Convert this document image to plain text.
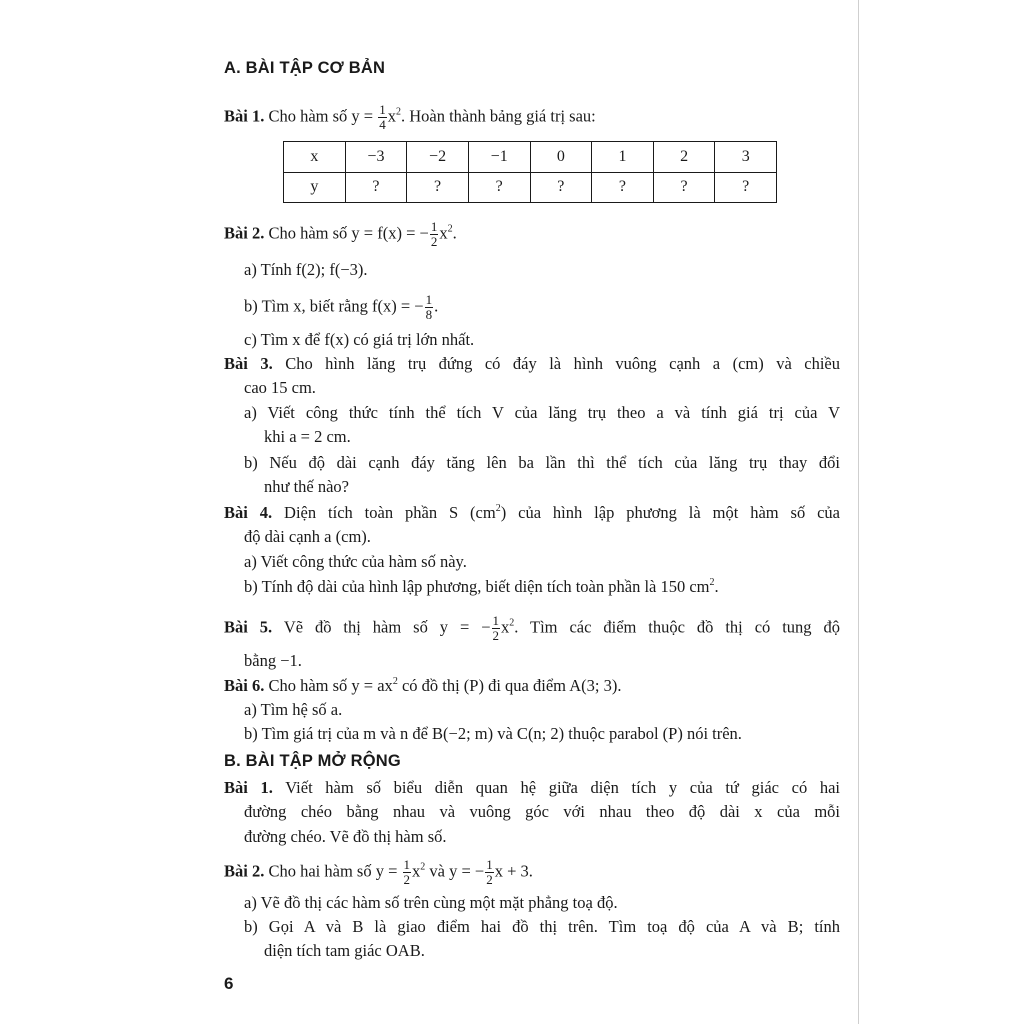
A. BÀI TẬP CƠ BẢN
Bài 1. Cho hàm số $y = \frac{1}{4} x^2$. Hoàn thành bảng giá trị sau:
x	−3	−2	−1	0	1	2	3
y	?	?	?	?	?	?	?
Bài 2. Cho hàm số y = f(x) = − $\frac{1}{2} x^2$.
a) Tính f(2); f(−3).
b) Tìm x, biết rằng f(x) = − $\frac{1}{8}$ .
c) Tìm x để f(x) có giá trị lớn nhất.
Bài 3. Cho hình lăng trụ đứng có đáy là hình vuông cạnh a (cm) và chiều
cao 15 cm.
a) Viết công thức tính thể tích V của lăng trụ theo a và tính giá trị của V
khi a = 2 cm.
b) Nếu độ dài cạnh đáy tăng lên ba lần thì thể tích của lăng trụ thay đổi
như thế nào?
Bài 4. Diện tích toàn phần S $(cm^2)$ của hình lập phương là một hàm số của
độ dài cạnh a (cm).
a) Viết công thức của hàm số này.
b) Tính độ dài của hình lập phương, biết diện tích toàn phần là 150 $cm^2$.
Bài 5. Vẽ đồ thị hàm số y = − $\frac{1}{2} x^2$. Tìm các điểm thuộc đồ thị có tung độ
bằng −1.
Bài 6. Cho hàm số $y = ax^2$ có đồ thị (P) đi qua điểm A(3; 3).
a) Tìm hệ số a.
b) Tìm giá trị của m và n để B(−2; m) và C(n; 2) thuộc parabol (P) nói trên.
B. BÀI TẬP MỞ RỘNG
Bài 1. Viết hàm số biểu diễn quan hệ giữa diện tích y của tứ giác có hai
đường chéo bằng nhau và vuông góc với nhau theo độ dài x của mỗi
đường chéo. Vẽ đồ thị hàm số.
Bài 2. Cho hai hàm số $y = \frac{1}{2} x^2$ và y = − $\frac{1}{2}$ x + 3.
a) Vẽ đồ thị các hàm số trên cùng một mặt phẳng toạ độ.
b) Gọi A và B là giao điểm hai đồ thị trên. Tìm toạ độ của A và B; tính
diện tích tam giác OAB.
6
